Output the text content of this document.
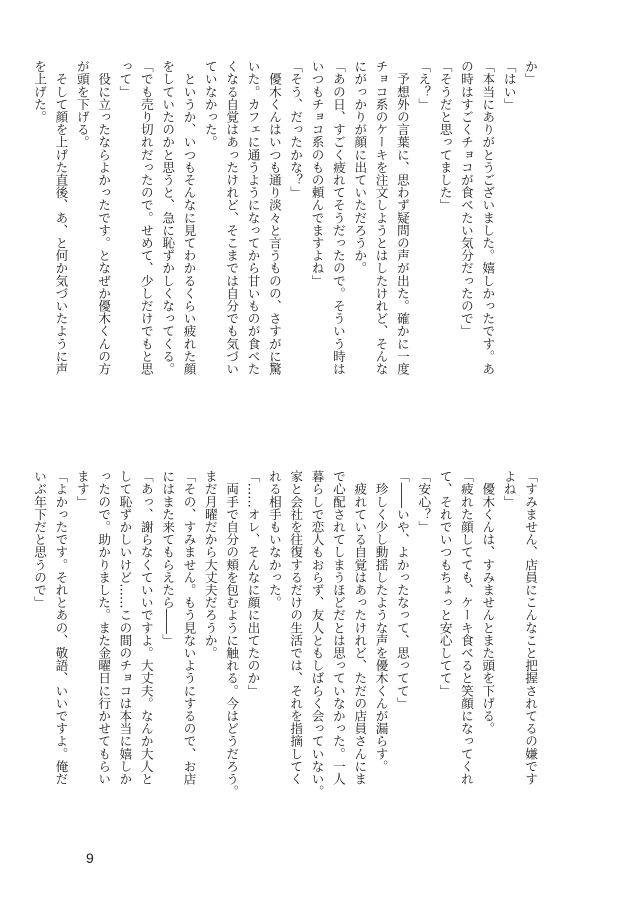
か」
「はい」
「本当にありがとうございました。嬉しかったです。あ
の時はすごくチョコが食べたい気分だったので」
「そうだと思ってました」
「え？」
　予想外の言葉に、思わず疑問の声が出た。確かに一度
チョコ系のケーキを注文しようとはしたけれど、そんな
にがっかりが顔に出ていただろうか。
「あの日、すごく疲れてそうだったので。そういう時は
いつもチョコ系のもの頼んでますよね」
「そう、だったかな？」
　優木くんはいつも通り淡々と言うものの、さすがに驚
いた。カフェに通うようになってから甘いものが食べた
くなる自覚はあったけれど、そこまでは自分でも気づい
ていなかった。
　というか、いつもそんなに見てわかるくらい疲れた顔
をしていたのかと思うと、急に恥ずかしくなってくる。
「でも売り切れだったので。せめて、少しだけでもと思
って」
　役に立ったならよかったです。となぜか優木くんの方
が頭を下げる。
　そして顔を上げた直後、あ、と何か気づいたように声
を上げた。
「すみません、店員にこんなこと把握されてるの嫌です
よね」
　優木くんは、すみませんとまた頭を下げる。
「疲れた顔してても、ケーキ食べると笑顔になってくれ
て、それでいつもちょっと安心してて」
「安心？」
「――いや、よかったなって、思ってて」
　珍しく少し動揺したような声を優木くんが漏らす。
　疲れている自覚はあったけれど、ただの店員さんにま
で心配されてしまうほどだとは思っていなかった。一人
暮らしで恋人もおらず、友人ともしばらく会っていない。
家と会社を往復するだけの生活では、それを指摘してく
れる相手もいなかった。
「……オレ、そんなに顔に出てたのか」
　両手で自分の頬を包むように触れる。今はどうだろう。
まだ月曜だから大丈夫だろうか。
「その、すみません。もう見ないようにするので、お店
にはまた来てもらえたら――」
「あっ、謝らなくていいですよ。大丈夫。なんか大人と
して恥ずかしいけど……この間のチョコは本当に嬉しか
ったので。助かりました。また金曜日に行かせてもらい
ます」
「よかったです。それとあの、敬語、いいですよ。俺だ
いぶ年下だと思うので」
9
